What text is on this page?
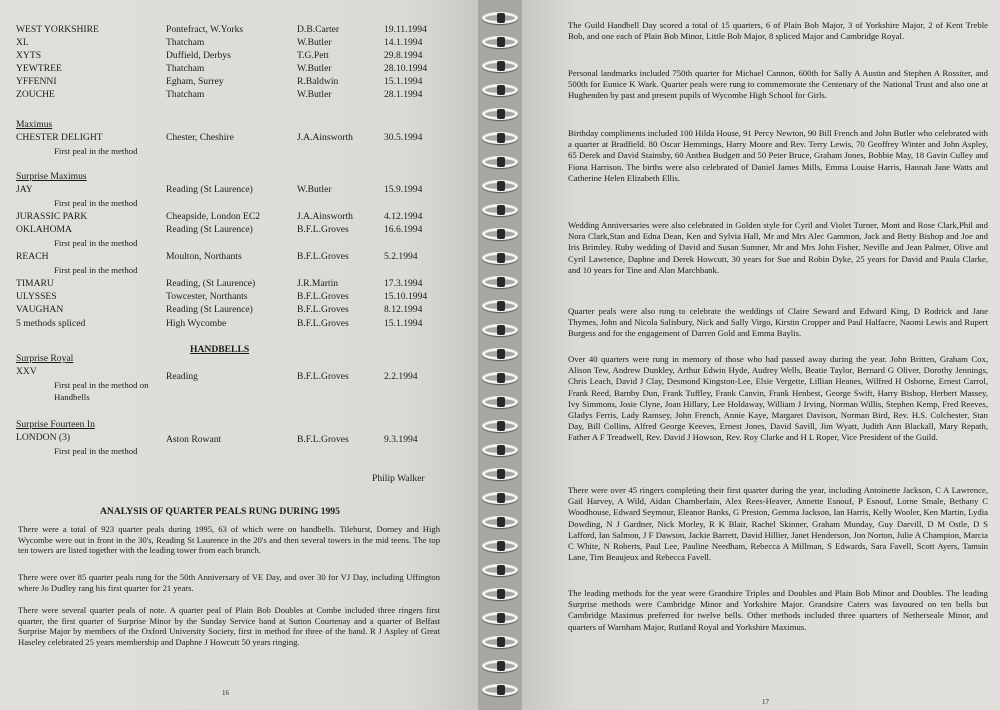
WEST YORKSHIRE	Pontefract, W.Yorks	D.B.Carter	19.11.1994
XL	Thatcham	W.Butler	14.1.1994
XYTS	Duffield, Derbys	T.G.Pett	29.8.1994
YEWTREE	Thatcham	W.Butler	28.10.1994
YFFENNI	Egham, Surrey	R.Baldwin	15.1.1994
ZOUCHE	Thatcham	W.Butler	28.1.1994
Maximus
CHESTER DELIGHT	Chester, Cheshire	J.A.Ainsworth	30.5.1994
First peal in the method
Surprise Maximus
JAY	Reading (St Laurence)	W.Butler	15.9.1994
First peal in the method
JURASSIC PARK	Cheapside, London EC2	J.A.Ainsworth	4.12.1994
OKLAHOMA	Reading (St Laurence)	B.F.L.Groves	16.6.1994
First peal in the method
REACH	Moulton, Northants	B.F.L.Groves	5.2.1994
First peal in the method
TIMARU	Reading, (St Laurence)	J.R.Martin	17.3.1994
ULYSSES	Towcester, Northants	B.F.L.Groves	15.10.1994
VAUGHAN	Reading (St Laurence)	B.F.L.Groves	8.12.1994
5 methods spliced	High Wycombe	B.F.L.Groves	15.1.1994
HANDBELLS
Surprise Royal
XXV	Reading	B.F.L.Groves	2.2.1994
First peal in the method on
Handbells
Surprise Fourteen In
LONDON (3)	Aston Rowant	B.F.L.Groves	9.3.1994
First peal in the method
Philip Walker
ANALYSIS OF QUARTER PEALS RUNG DURING 1995
There were a total of 923 quarter peals during 1995, 63 of which were on handbells. Tilehurst, Dorney and High Wycombe were out in front in the 30's, Reading St Laurence in the 20's and then several towers in the mid teens. The top ten towers are listed together with the leading tower from each branch.
There were over 85 quarter peals rung for the 50th Anniversary of VE Day, and over 30 for VJ Day, including Uffington where Jo Dudley rang his first quarter for 21 years.
There were several quarter peals of note. A quarter peal of Plain Bob Doubles at Combe included three ringers first quarter, the first quarter of Surprise Minor by the Sunday Service band at Sutton Courtenay and a quarter of Belfast Surprise Major by members of the Oxford University Society, first in method for three of the band. R J Aspley of Great Haseley celebrated 25 years membership and Daphne J Howcutt 50 years ringing.
16
The Guild Handbell Day scored a total of 15 quarters, 6 of Plain Bob Major, 3 of Yorkshire Major, 2 of Kent Treble Bob, and one each of Plain Bob Minor, Little Bob Major, 8 spliced Major and Cambridge Royal.
Personal landmarks included 750th quarter for Michael Cannon, 600th for Sally A Austin and Stephen A Rossiter, and 500th for Eunice K Wark. Quarter peals were rung to commemorate the Centenary of the National Trust and also one at Hughenden by past and present pupils of Wycombe High School for Girls.
Birthday compliments included 100 Hilda House, 91 Percy Newton, 90 Bill French and John Butler who celebrated with a quarter at Bradfield. 80 Oscar Hemmings, Harry Moore and Rev. Terry Lewis, 70 Geoffrey Winter and John Aspley, 65 Derek and David Stainsby, 60 Anthea Budgett and 50 Peter Bruce, Graham Jones, Bobbie May, 18 Gavin Culley and Fiona Harrison. The births were also celebrated of Daniel James Mills, Emma Louise Harris, Hannah Jane Watts and Catherine Helen Elizabeth Ellis.
Wedding Anniversaries were also celebrated in Golden style for Cyril and Violet Turner, Mont and Rose Clark,Phil and Nora Clark,Stan and Edna Dean, Ken and Sylvia Hall, Mr and Mrs Alec Gammon, Jack and Betty Bishop and Joe and Iris Brimley. Ruby wedding of David and Susan Sumner, Mr and Mrs John Fisher, Neville and Jean Palmer, Olive and Cyril Lawrence, Daphne and Derek Howcutt, 30 years for Sue and Robin Dyke, 25 years for David and Paula Clarke, and 10 years for Tine and Alan Marchbank.
Quarter peals were also rung to celebrate the weddings of Claire Seward and Edward King, D Rodrick and Jane Thymes, John and Nicola Salisbury, Nick and Sally Virgo, Kirstin Cropper and Paul Halfacre, Naomi Lewis and Rupert Burgess and for the engagement of Darren Gold and Emma Baylis.
Over 40 quarters were rung in memory of those who had passed away during the year. John Britten, Graham Cox, Alison Tew, Andrew Dunkley, Arthur Edwin Hyde, Audrey Wells, Beatie Taylor, Bernard G Oliver, Dorothy Jennings, Chris Leach, David J Clay, Desmond Kingston-Lee, Elsie Vergette, Lillian Heanes, Wilfred H Osborne, Ernest Carrol, Frank Reed, Barnby Dun, Frank Tuffley, Frank Canvin, Frank Henbest, George Swift, Harry Bishop, Herbert Massey, Ivy Simmons, Josie Clyne, Joan Hillary, Lee Holdaway, William J Irving, Norman Willis, Stephen Kemp, Fred Reeves, Gladys Ferris, Lady Ramsey, John French, Annie Kaye, Margaret Davison, Norman Bird, Rev. H.S. Colchester, Stan Day, Bill Collins, Alfred George Keeves, Ernest Jones, David Savill, Jim Wyatt, Judith Ann Blackall, Mary Repath, Father A F Treadwell, Rev. David J Howson, Rev. Roy Clarke and H L Roper, Vice President of the Guild.
There were over 45 ringers completing their first quarter during the year, including Antoinette Jackson, C A Lawrence, Gail Harvey, A Wild, Aidan Chamberlain, Alex Rees-Heaver, Annette Esnouf, P Esnouf, Lorne Smale, Bethany C Woodhouse, Edward Seymour, Eleanor Banks, G Preston, Gemma Jackson, Ian Harris, Kelly Wooler, Ken Martin, Lydia Dowding, N J Gardner, Nick Morley, R K Blair, Rachel Skinner, Graham Munday, Guy Darvill, D M Ostle, D S Lafford, Ian Salmon, J F Dawson, Jackie Barrett, David Hillier, Janet Henderson, Jon Norton, Julie A Champion, Marcia C White, N Roberts, Paul Lee, Pauline Needham, Rebecca A Millman, S Edwards, Sara Favell, Scott Ayers, Tamsin Lane, Tim Beaujeux and Rebecca Favell.
The leading methods for the year were Grandsire Triples and Doubles and Plain Bob Minor and Doubles. The leading Surprise methods were Cambridge Minor and Yorkshire Major. Grandsire Caters was favoured on ten bells but Cambridge Maximus preferred for twelve bells. Other methods included three quarters of Netherseale Minor, and quarters of Warnham Major, Rutland Royal and Yorkshire Maximus.
17
